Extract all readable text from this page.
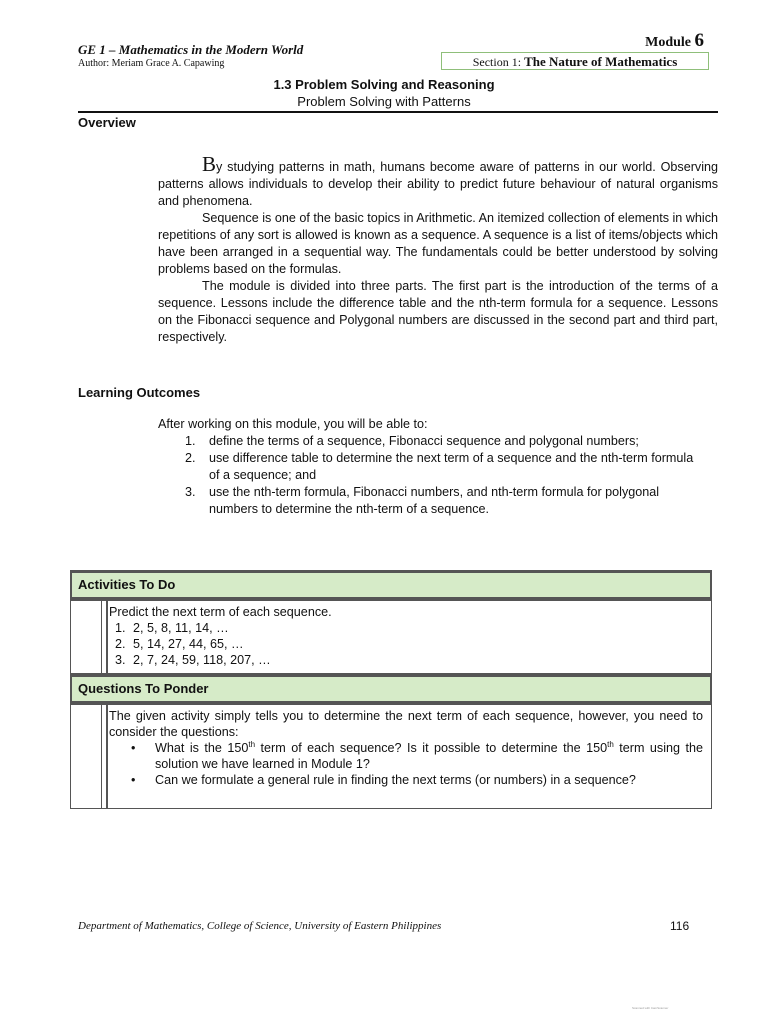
GE 1 – Mathematics in the Modern World
Author: Meriam Grace A. Capawing
Module 6
Section 1: The Nature of Mathematics
1.3 Problem Solving and Reasoning
Problem Solving with Patterns
Overview
By studying patterns in math, humans become aware of patterns in our world. Observing patterns allows individuals to develop their ability to predict future behaviour of natural organisms and phenomena.
Sequence is one of the basic topics in Arithmetic. An itemized collection of elements in which repetitions of any sort is allowed is known as a sequence. A sequence is a list of items/objects which have been arranged in a sequential way. The fundamentals could be better understood by solving problems based on the formulas.
The module is divided into three parts. The first part is the introduction of the terms of a sequence. Lessons include the difference table and the nth-term formula for a sequence. Lessons on the Fibonacci sequence and Polygonal numbers are discussed in the second part and third part, respectively.
Learning Outcomes
After working on this module, you will be able to:
1. define the terms of a sequence, Fibonacci sequence and polygonal numbers;
2. use difference table to determine the next term of a sequence and the nth-term formula of a sequence; and
3. use the nth-term formula, Fibonacci numbers, and nth-term formula for polygonal numbers to determine the nth-term of a sequence.
Activities To Do
Predict the next term of each sequence.
1. 2, 5, 8, 11, 14, …
2. 5, 14, 27, 44, 65, …
3. 2, 7, 24, 59, 118, 207, …
Questions To Ponder
The given activity simply tells you to determine the next term of each sequence, however, you need to consider the questions:
• What is the 150th term of each sequence? Is it possible to determine the 150th term using the solution we have learned in Module 1?
• Can we formulate a general rule in finding the next terms (or numbers) in a sequence?
Department of Mathematics, College of Science, University of Eastern Philippines	116
Scanned with CamScanner
